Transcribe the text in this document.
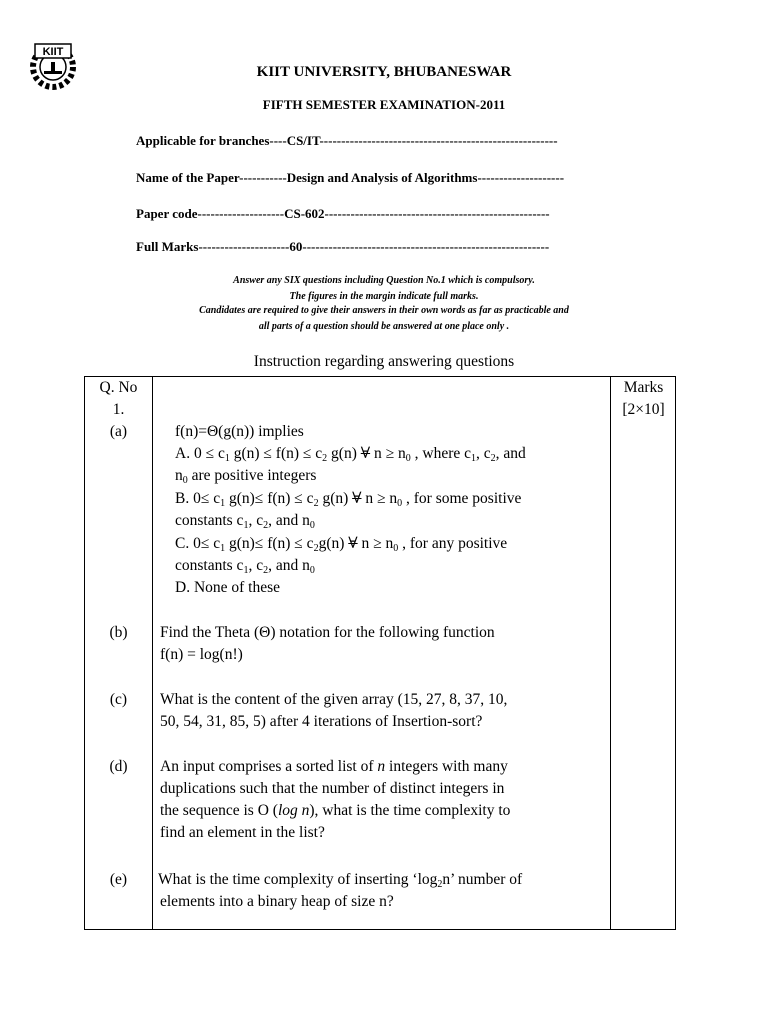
KIIT
KIIT UNIVERSITY, BHUBANESWAR
FIFTH SEMESTER EXAMINATION-2011
Applicable for branches----CS/IT-------------------------------------------------------
Name of the Paper-----------Design and Analysis of Algorithms--------------------
Paper code--------------------CS-602----------------------------------------------------
Full Marks---------------------60---------------------------------------------------------
Answer any SIX questions including Question No.1 which is compulsory.
The figures in the margin indicate full marks.
Candidates are required to give their answers in their own words as far as practicable and
all parts of a question should be answered at one place only .
Instruction regarding answering questions
Q. No
1.
(a)
(b)
(c)
(d)
(e)
Marks
[2×10]
f(n)=Θ(g(n)) implies
A. $0 \le c_1$ $g(n) \le f(n) \le c_2$ g(n) ∀ $n \ge n_0$ , where $c_1$, $c_2$, and
$n_0$ are positive integers
B. $0\le c_1$ $g(n)\le f(n) \le c_2$ g(n) ∀ $n \ge n_0$ , for some positive
constants $c_1$, $c_2$, and $n_0$
C. $0\le c_1$ $g(n)\le f(n) \le c_2g(n)$ ∀ $n \ge n_0$ , for any positive
constants $c_1$, $c_2$, and $n_0$
D. None of these
Find the Theta (Θ) notation for the following function
f(n) = log(n!)
What is the content of the given array (15, 27, 8, 37, 10,
50, 54, 31, 85, 5) after 4 iterations of Insertion-sort?
An input comprises a sorted list of n integers with many
duplications such that the number of distinct integers in
the sequence is O (log n), what is the time complexity to
find an element in the list?
What is the time complexity of inserting ‘$\log_2n$’ number of
elements into a binary heap of size n?
